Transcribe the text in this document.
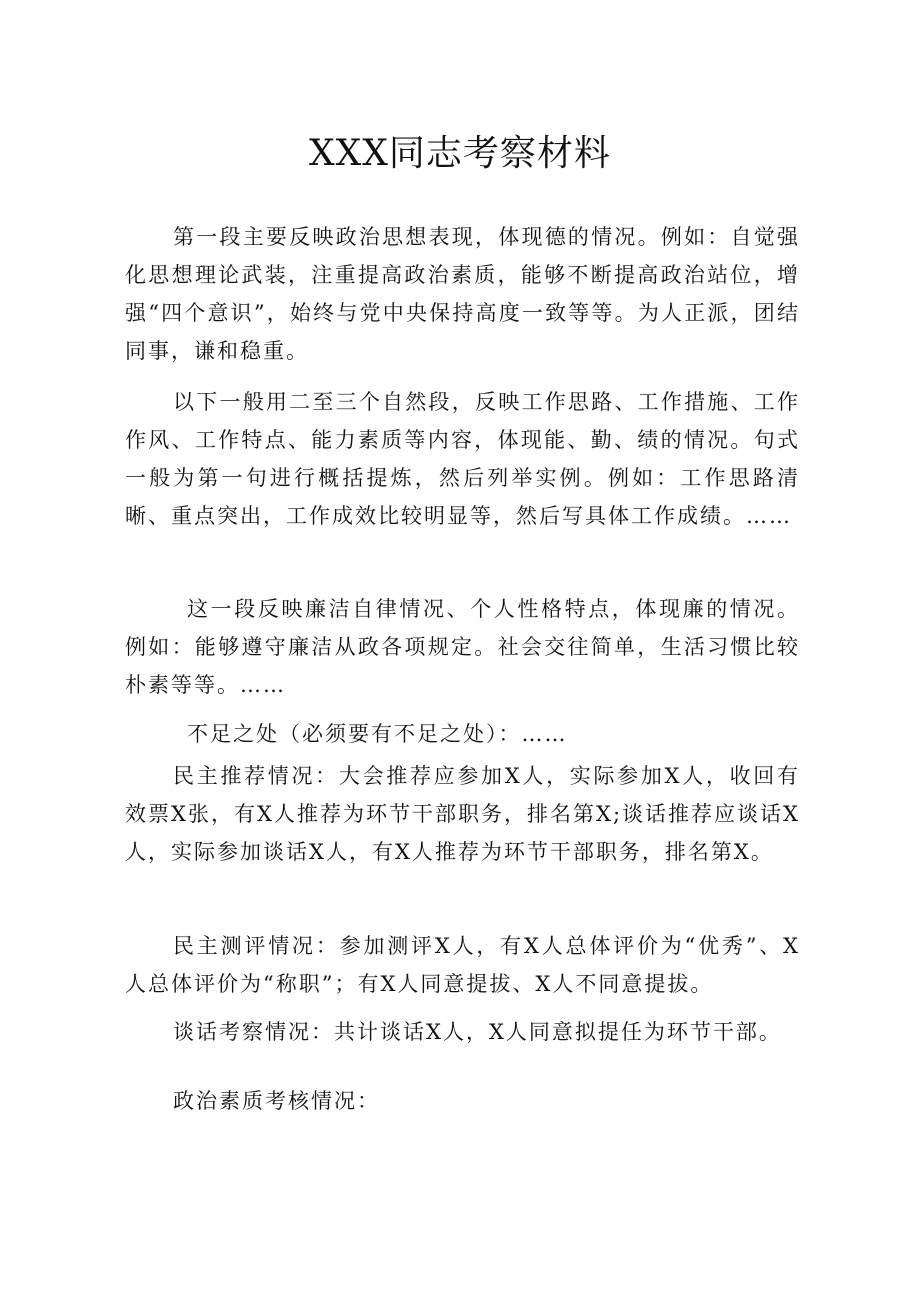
XXX同志考察材料

第一段主要反映政治思想表现，体现德的情况。例如：自觉强化思想理论武装，注重提高政治素质，能够不断提高政治站位，增强“四个意识”，始终与党中央保持高度一致等等。为人正派，团结同事，谦和稳重。

以下一般用二至三个自然段，反映工作思路、工作措施、工作作风、工作特点、能力素质等内容，体现能、勤、绩的情况。句式一般为第一句进行概括提炼，然后列举实例。例如：工作思路清晰、重点突出，工作成效比较明显等，然后写具体工作成绩。……

这一段反映廉洁自律情况、个人性格特点，体现廉的情况。例如：能够遵守廉洁从政各项规定。社会交往简单，生活习惯比较朴素等等。……

不足之处（必须要有不足之处）：……

民主推荐情况：大会推荐应参加X人，实际参加X人，收回有效票X张，有X人推荐为环节干部职务，排名第X;谈话推荐应谈话X人，实际参加谈话X人，有X人推荐为环节干部职务，排名第X。

民主测评情况：参加测评X人，有X人总体评价为“优秀”、X人总体评价为“称职”；有X人同意提拔、X人不同意提拔。

谈话考察情况：共计谈话X人，X人同意拟提任为环节干部。

政治素质考核情况：
